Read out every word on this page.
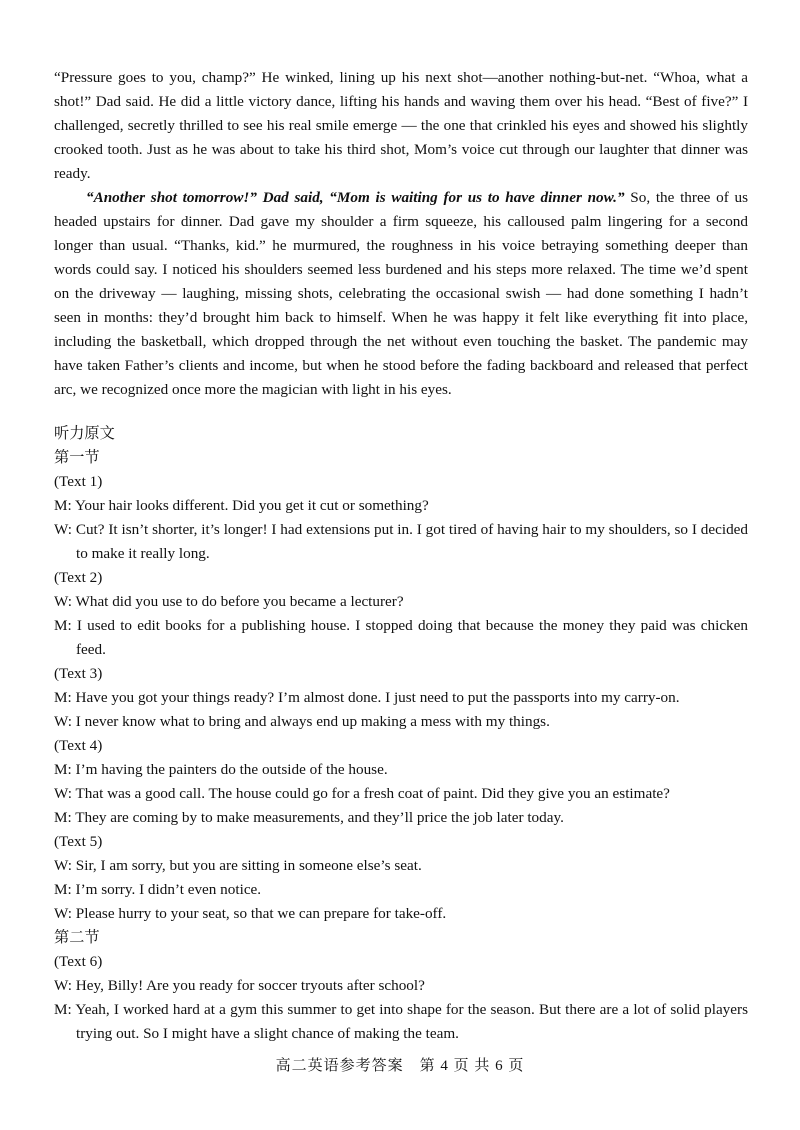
“Pressure goes to you, champ?” He winked, lining up his next shot—another nothing-but-net. “Whoa, what a shot!” Dad said. He did a little victory dance, lifting his hands and waving them over his head. “Best of five?” I challenged, secretly thrilled to see his real smile emerge — the one that crinkled his eyes and showed his slightly crooked tooth. Just as he was about to take his third shot, Mom’s voice cut through our laughter that dinner was ready.

“Another shot tomorrow!” Dad said, “Mom is waiting for us to have dinner now.” So, the three of us headed upstairs for dinner. Dad gave my shoulder a firm squeeze, his calloused palm lingering for a second longer than usual. “Thanks, kid.” he murmured, the roughness in his voice betraying something deeper than words could say. I noticed his shoulders seemed less burdened and his steps more relaxed. The time we’d spent on the driveway — laughing, missing shots, celebrating the occasional swish — had done something I hadn’t seen in months: they’d brought him back to himself. When he was happy it felt like everything fit into place, including the basketball, which dropped through the net without even touching the basket. The pandemic may have taken Father’s clients and income, but when he stood before the fading backboard and released that perfect arc, we recognized once more the magician with light in his eyes.

听力原文

第一节

(Text 1)

M: Your hair looks different. Did you get it cut or something?

W: Cut? It isn’t shorter, it’s longer! I had extensions put in. I got tired of having hair to my shoulders, so I decided to make it really long.

(Text 2)

W: What did you use to do before you became a lecturer?

M: I used to edit books for a publishing house. I stopped doing that because the money they paid was chicken feed.

(Text 3)

M: Have you got your things ready? I’m almost done. I just need to put the passports into my carry-on.

W: I never know what to bring and always end up making a mess with my things.

(Text 4)

M: I’m having the painters do the outside of the house.

W: That was a good call. The house could go for a fresh coat of paint. Did they give you an estimate?

M: They are coming by to make measurements, and they’ll price the job later today.

(Text 5)

W: Sir, I am sorry, but you are sitting in someone else’s seat.

M: I’m sorry. I didn’t even notice.

W: Please hurry to your seat, so that we can prepare for take-off.

第二节

(Text 6)

W: Hey, Billy! Are you ready for soccer tryouts after school?

M: Yeah, I worked hard at a gym this summer to get into shape for the season. But there are a lot of solid players trying out. So I might have a slight chance of making the team.

高二英语参考答案　第 4 页 共 6 页
